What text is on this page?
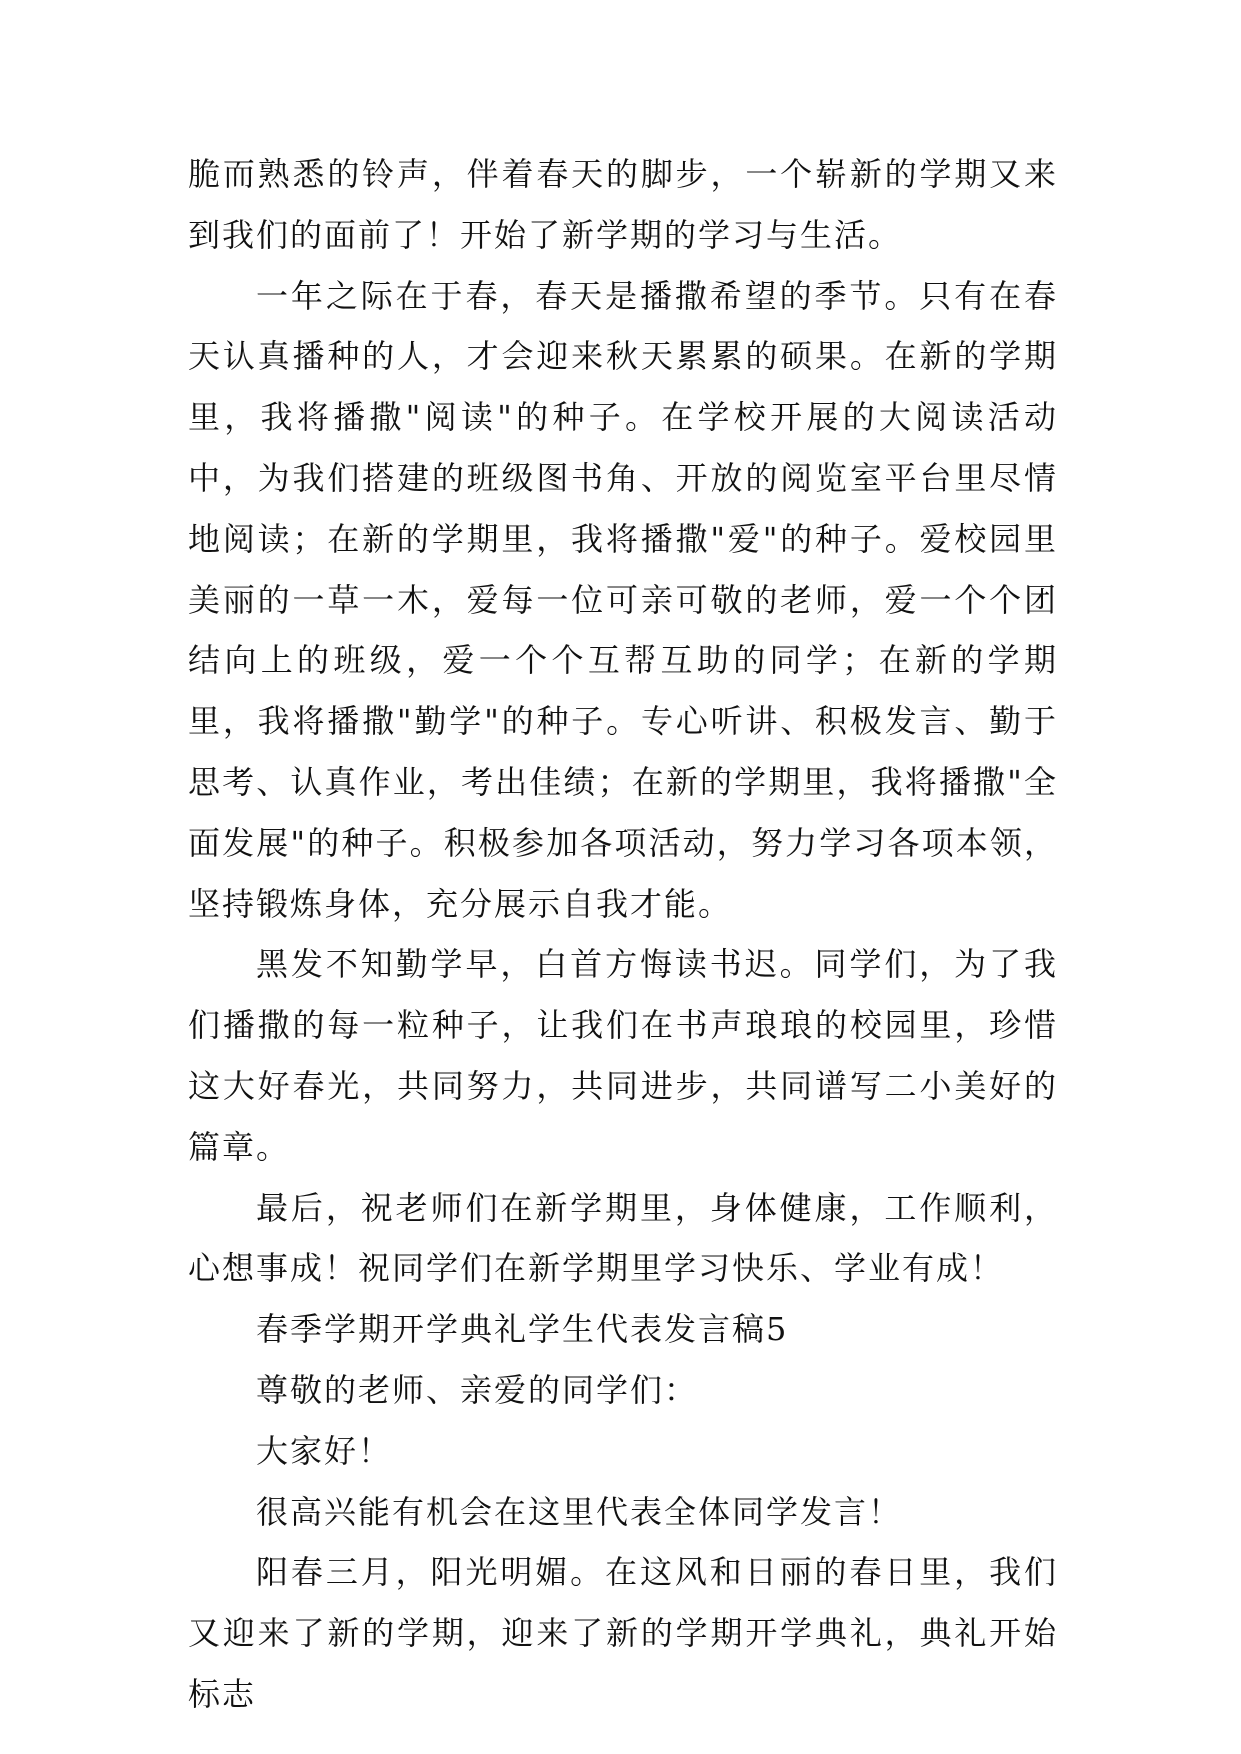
脆而熟悉的铃声，伴着春天的脚步，一个崭新的学期又来到我们的面前了！开始了新学期的学习与生活。

一年之际在于春，春天是播撒希望的季节。只有在春天认真播种的人，才会迎来秋天累累的硕果。在新的学期里，我将播撒"阅读"的种子。在学校开展的大阅读活动中，为我们搭建的班级图书角、开放的阅览室平台里尽情地阅读；在新的学期里，我将播撒"爱"的种子。爱校园里美丽的一草一木，爱每一位可亲可敬的老师，爱一个个团结向上的班级，爱一个个互帮互助的同学；在新的学期里，我将播撒"勤学"的种子。专心听讲、积极发言、勤于思考、认真作业，考出佳绩；在新的学期里，我将播撒"全面发展"的种子。积极参加各项活动，努力学习各项本领，坚持锻炼身体，充分展示自我才能。

黑发不知勤学早，白首方悔读书迟。同学们，为了我们播撒的每一粒种子，让我们在书声琅琅的校园里，珍惜这大好春光，共同努力，共同进步，共同谱写二小美好的篇章。

最后，祝老师们在新学期里，身体健康，工作顺利，心想事成！祝同学们在新学期里学习快乐、学业有成！

春季学期开学典礼学生代表发言稿5

尊敬的老师、亲爱的同学们：

大家好！

很高兴能有机会在这里代表全体同学发言！

阳春三月，阳光明媚。在这风和日丽的春日里，我们又迎来了新的学期，迎来了新的学期开学典礼，典礼开始标志
